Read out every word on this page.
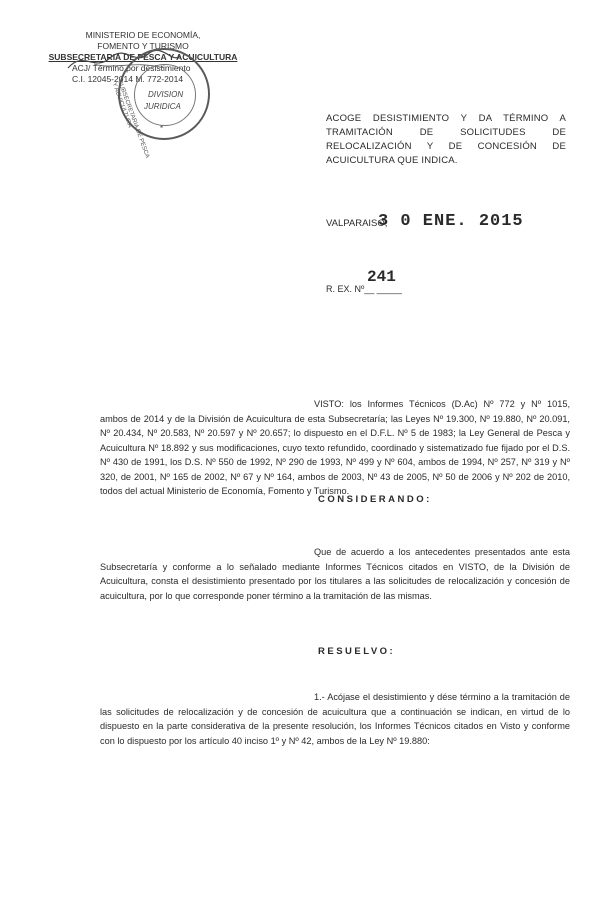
MINISTERIO DE ECONOMÍA,
FOMENTO Y TURISMO
SUBSECRETARIA DE PESCA Y ACUICULTURA
ACJ/ Término por desistimiento
C.I. 12045-2014 M. 772-2014
SUBSECRETARIA DE PESCA Y ACUICULTURA	DIVISION
JURIDICA
*
ACOGE DESISTIMIENTO Y DA TÉRMINO A TRAMITACIÓN DE SOLICITUDES DE RELOCALIZACIÓN Y DE CONCESIÓN DE ACUICULTURA QUE INDICA.
VALPARAISO,
3 0 ENE. 2015
R. EX. Nº__ _____
241
VISTO: los Informes Técnicos (D.Ac) Nº 772 y Nº 1015, ambos de 2014 y de la División de Acuicultura de esta Subsecretaría; las Leyes Nº 19.300, Nº 19.880, Nº 20.091, Nº 20.434, Nº 20.583, Nº 20.597 y Nº 20.657; lo dispuesto en el D.F.L. Nº 5 de 1983; la Ley General de Pesca y Acuicultura Nº 18.892 y sus modificaciones, cuyo texto refundido, coordinado y sistematizado fue fijado por el D.S. Nº 430 de 1991, los D.S. Nº 550 de 1992, Nº 290 de 1993, Nº 499 y Nº 604, ambos de 1994, Nº 257, Nº 319 y Nº 320, de 2001, Nº 165 de 2002, Nº 67 y Nº 164, ambos de 2003, Nº 43 de 2005, Nº 50 de 2006 y Nº 202 de 2010, todos del actual Ministerio de Economía, Fomento y Turismo.
CONSIDERANDO:
Que de acuerdo a los antecedentes presentados ante esta Subsecretaría y conforme a lo señalado mediante Informes Técnicos citados en VISTO, de la División de Acuicultura, consta el desistimiento presentado por los titulares a las solicitudes de relocalización y concesión de acuicultura, por lo que corresponde poner término a la tramitación de las mismas.
RESUELVO:
1.- Acójase el desistimiento y dése término a la tramitación de las solicitudes de relocalización y de concesión de acuicultura que a continuación se indican, en virtud de lo dispuesto en la parte considerativa de la presente resolución, los Informes Técnicos citados en Visto y conforme con lo dispuesto por los artículo 40 inciso 1º y Nº 42, ambos de la Ley Nº 19.880:
